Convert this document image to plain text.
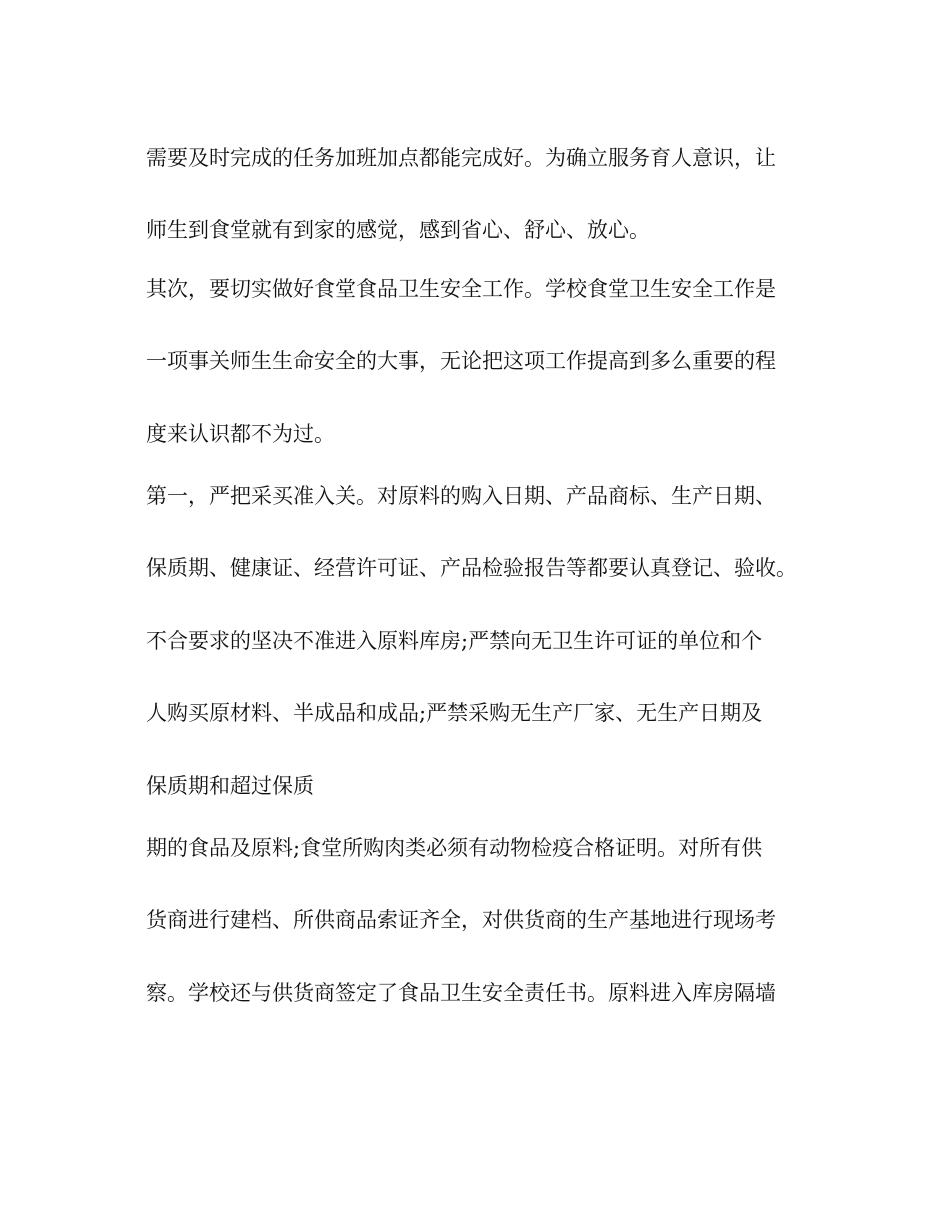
需要及时完成的任务加班加点都能完成好。为确立服务育人意识，让

师生到食堂就有到家的感觉，感到省心、舒心、放心。

其次，要切实做好食堂食品卫生安全工作。学校食堂卫生安全工作是

一项事关师生生命安全的大事，无论把这项工作提高到多么重要的程

度来认识都不为过。

第一，严把采买准入关。对原料的购入日期、产品商标、生产日期、

保质期、健康证、经营许可证、产品检验报告等都要认真登记、验收。

不合要求的坚决不准进入原料库房;严禁向无卫生许可证的单位和个

人购买原材料、半成品和成品;严禁采购无生产厂家、无生产日期及

保质期和超过保质

期的食品及原料;食堂所购肉类必须有动物检疫合格证明。对所有供

货商进行建档、所供商品索证齐全，对供货商的生产基地进行现场考

察。学校还与供货商签定了食品卫生安全责任书。原料进入库房隔墙
